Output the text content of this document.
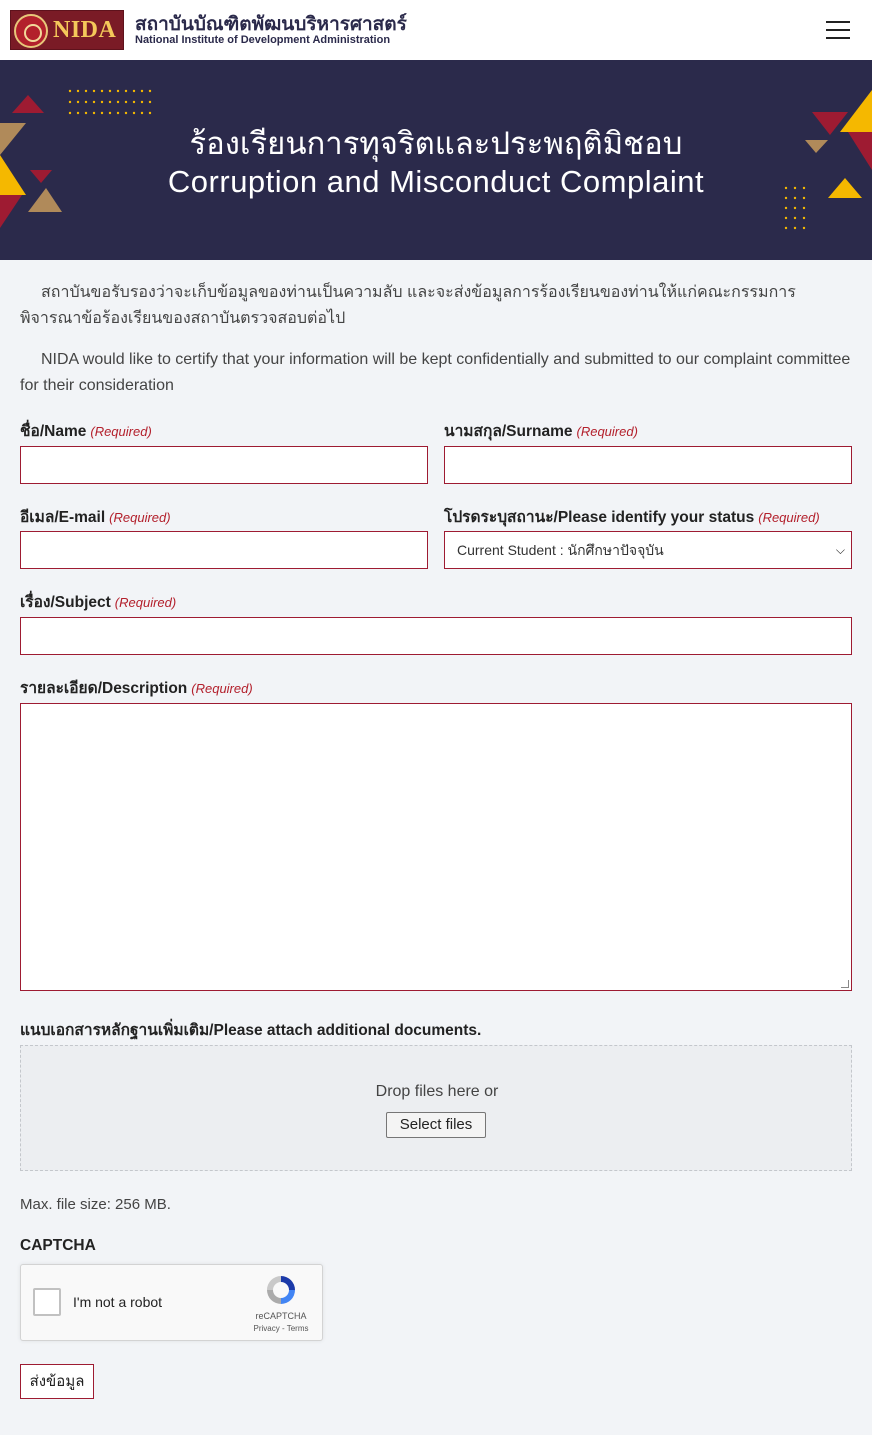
NIDA สถาบันบัณฑิตพัฒนบริหารศาสตร์
National Institute of Development Administration
ร้องเรียนการทุจริตและประพฤติมิชอบ
Corruption and Misconduct Complaint

สถาบันขอรับรองว่าจะเก็บข้อมูลของท่านเป็นความลับ และจะส่งข้อมูลการร้องเรียนของท่านให้แก่คณะกรรมการพิจารณาข้อร้องเรียนของสถาบันตรวจสอบต่อไป

NIDA would like to certify that your information will be kept confidentially and submitted to our complaint committee for their consideration

ชื่อ/Name (Required)	นามสกุล/Surname (Required)
อีเมล/E-mail (Required)	โปรดระบุสถานะ/Please identify your status (Required)
Current Student : นักศึกษาปัจจุบัน	⌵
เรื่อง/Subject (Required)
รายละเอียด/Description (Required)
แนบเอกสารหลักฐานเพิ่มเติม/Please attach additional documents.
Drop files here or
Select files
Max. file size: 256 MB.
CAPTCHA
I'm not a robot
reCAPTCHA
Privacy - Terms
ส่งข้อมูล
